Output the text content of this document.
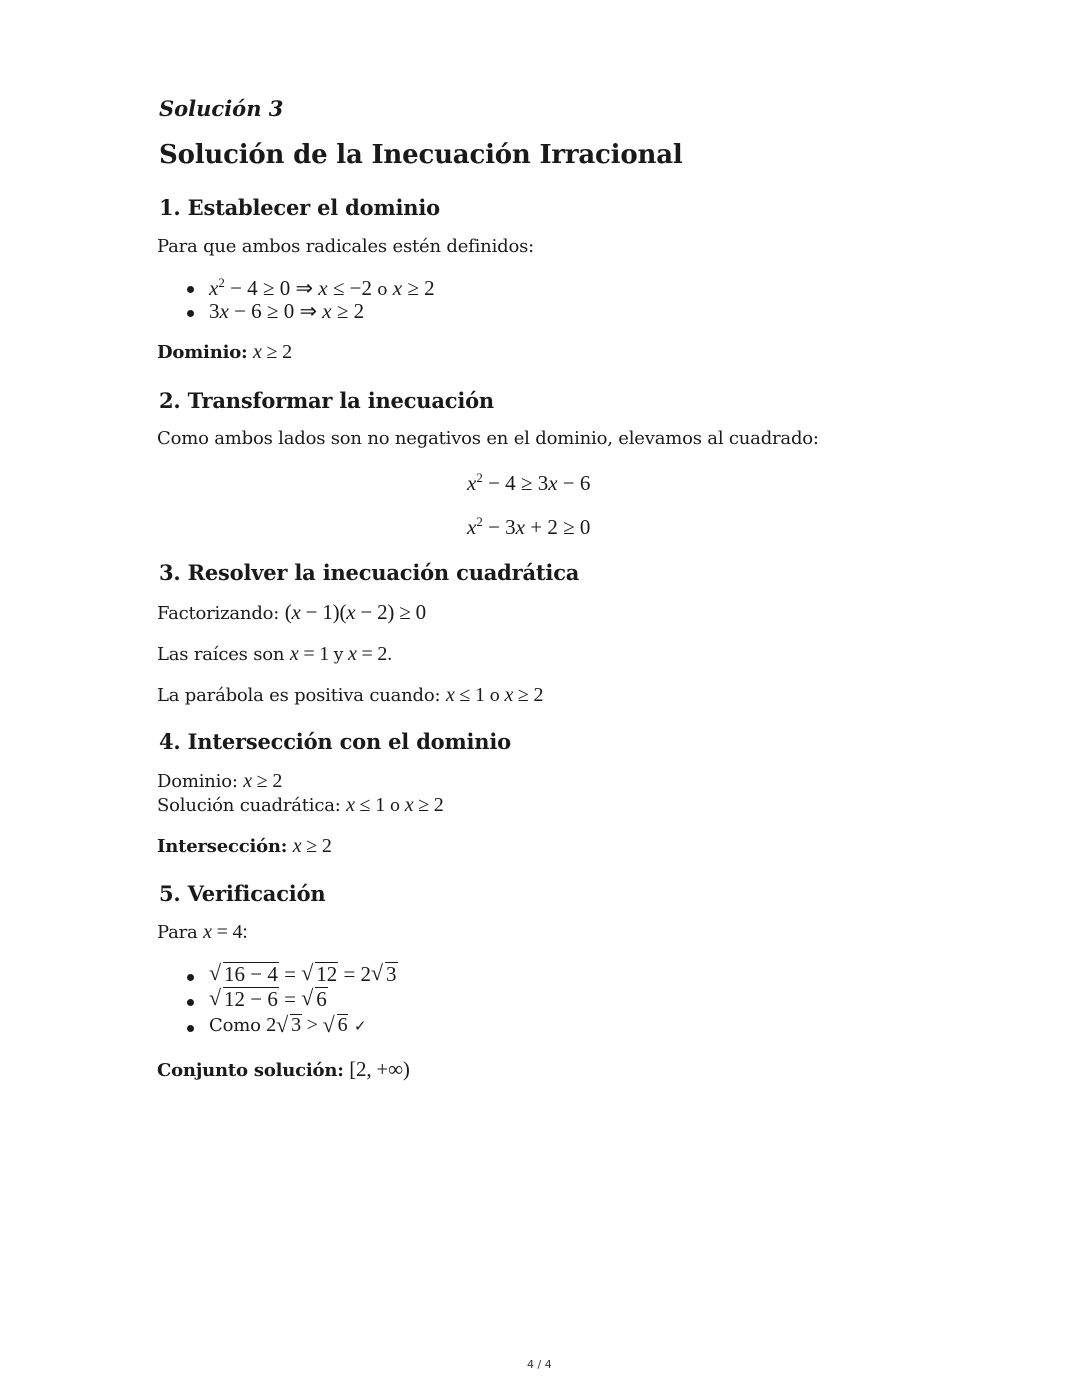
Solución 3
Solución de la Inecuación Irracional
1. Establecer el dominio
Para que ambos radicales estén definidos:
$x^2 - 4 \ge 0$ ⇒ x ≤ −2 o x ≥ 2
3x − 6 ≥ 0 ⇒ x ≥ 2
Dominio: x ≥ 2
2. Transformar la inecuación
Como ambos lados son no negativos en el dominio, elevamos al cuadrado:
$x^2 - 4 \ge 3x - 6$
$x^2 - 3x + 2 \ge 0$
3. Resolver la inecuación cuadrática
Factorizando: (x − 1)(x − 2) ≥ 0
Las raíces son x = 1 y x = 2.
La parábola es positiva cuando: x ≤ 1 o x ≥ 2
4. Intersección con el dominio
Dominio: x ≥ 2
Solución cuadrática: x ≤ 1 o x ≥ 2
Intersección: x ≥ 2
5. Verificación
Para x = 4:
√ 16 − 4 = √ 12 = 2 √ 3
√ 12 − 6 = √ 6
Como 2 √ 3 > √ 6 ✓
Conjunto solución: [2, +∞)
4 / 4
